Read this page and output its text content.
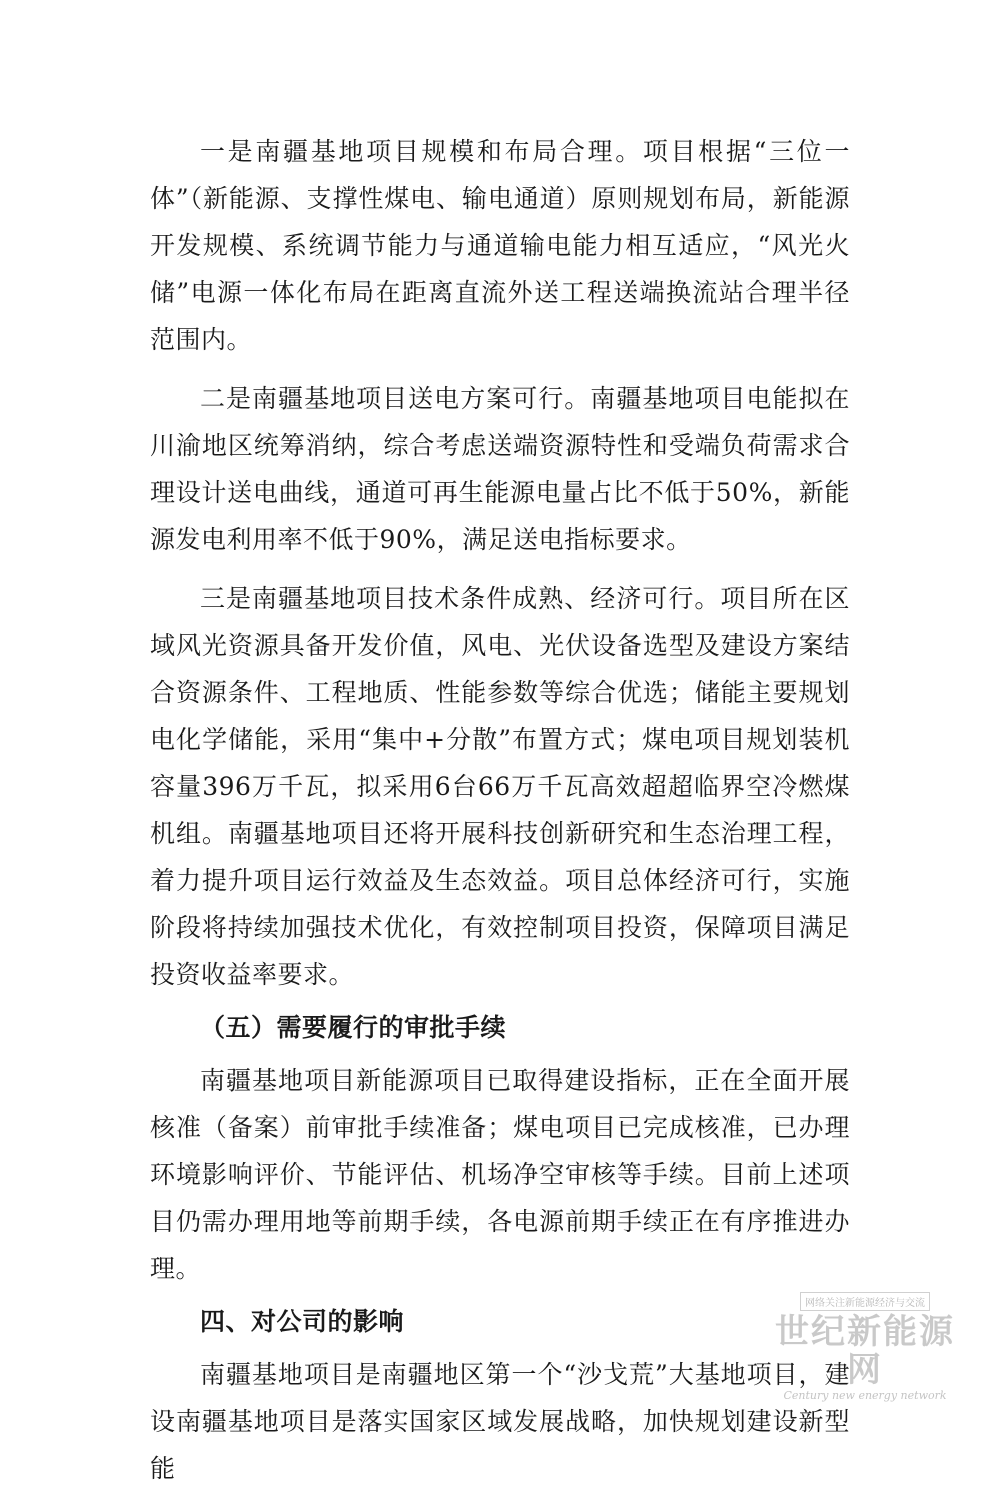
一是南疆基地项目规模和布局合理。项目根据“三位一体”（新能源、支撑性煤电、输电通道）原则规划布局，新能源开发规模、系统调节能力与通道输电能力相互适应，“风光火储”电源一体化布局在距离直流外送工程送端换流站合理半径范围内。

二是南疆基地项目送电方案可行。南疆基地项目电能拟在川渝地区统筹消纳，综合考虑送端资源特性和受端负荷需求合理设计送电曲线，通道可再生能源电量占比不低于50%，新能源发电利用率不低于90%，满足送电指标要求。

三是南疆基地项目技术条件成熟、经济可行。项目所在区域风光资源具备开发价值，风电、光伏设备选型及建设方案结合资源条件、工程地质、性能参数等综合优选；储能主要规划电化学储能，采用“集中+分散”布置方式；煤电项目规划装机容量396万千瓦，拟采用6台66万千瓦高效超超临界空冷燃煤机组。南疆基地项目还将开展科技创新研究和生态治理工程，着力提升项目运行效益及生态效益。项目总体经济可行，实施阶段将持续加强技术优化，有效控制项目投资，保障项目满足投资收益率要求。

（五）需要履行的审批手续

南疆基地项目新能源项目已取得建设指标，正在全面开展核准（备案）前审批手续准备；煤电项目已完成核准，已办理环境影响评价、节能评估、机场净空审核等手续。目前上述项目仍需办理用地等前期手续，各电源前期手续正在有序推进办理。

四、对公司的影响

南疆基地项目是南疆地区第一个“沙戈荒”大基地项目，建设南疆基地项目是落实国家区域发展战略，加快规划建设新型能

网络关注新能源经济与交流
世纪新能源网
Century new energy network
